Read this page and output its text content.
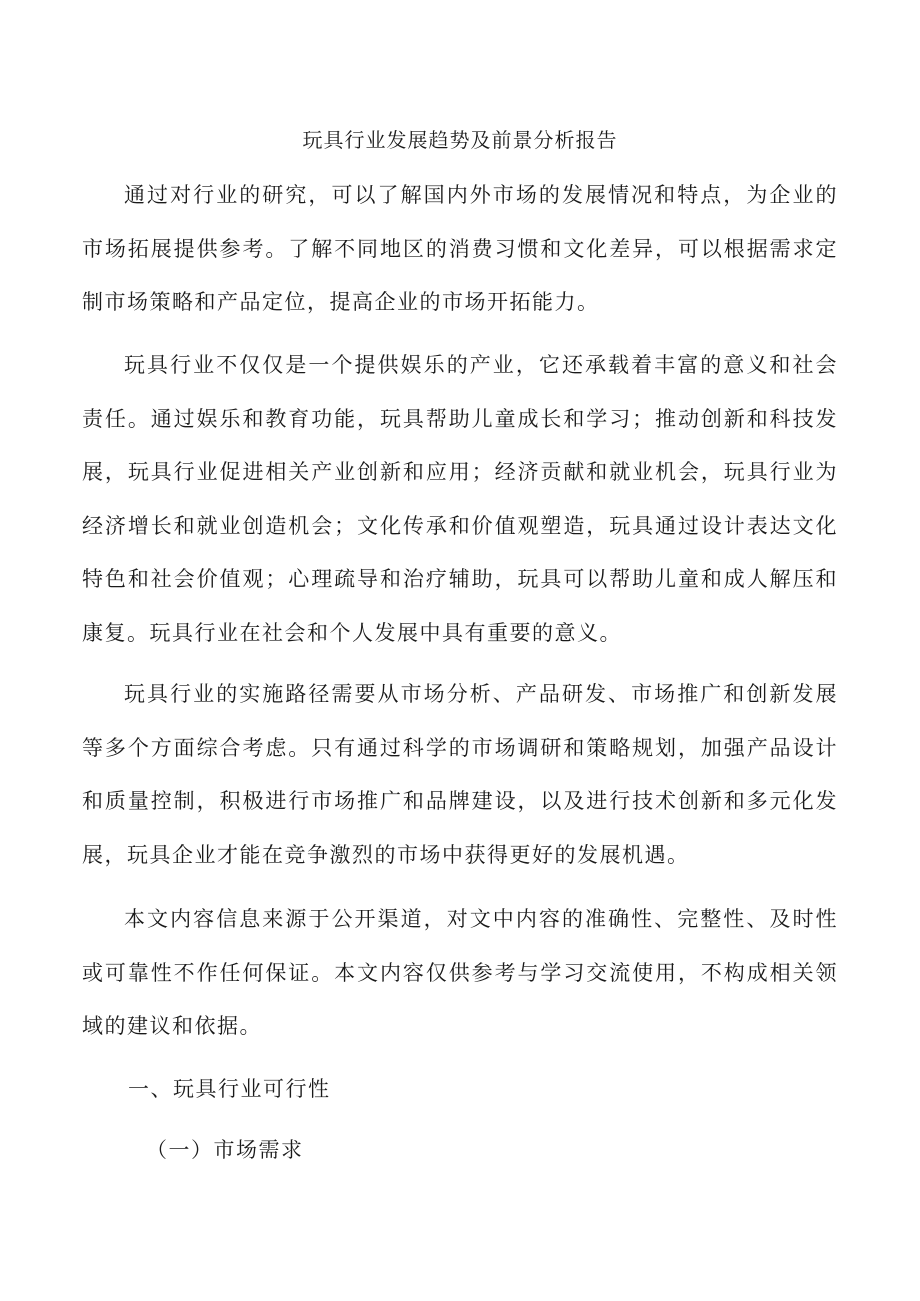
玩具行业发展趋势及前景分析报告

通过对行业的研究，可以了解国内外市场的发展情况和特点，为企业的市场拓展提供参考。了解不同地区的消费习惯和文化差异，可以根据需求定制市场策略和产品定位，提高企业的市场开拓能力。

玩具行业不仅仅是一个提供娱乐的产业，它还承载着丰富的意义和社会责任。通过娱乐和教育功能，玩具帮助儿童成长和学习；推动创新和科技发展，玩具行业促进相关产业创新和应用；经济贡献和就业机会，玩具行业为经济增长和就业创造机会；文化传承和价值观塑造，玩具通过设计表达文化特色和社会价值观；心理疏导和治疗辅助，玩具可以帮助儿童和成人解压和康复。玩具行业在社会和个人发展中具有重要的意义。

玩具行业的实施路径需要从市场分析、产品研发、市场推广和创新发展等多个方面综合考虑。只有通过科学的市场调研和策略规划，加强产品设计和质量控制，积极进行市场推广和品牌建设，以及进行技术创新和多元化发展，玩具企业才能在竞争激烈的市场中获得更好的发展机遇。

本文内容信息来源于公开渠道，对文中内容的准确性、完整性、及时性或可靠性不作任何保证。本文内容仅供参考与学习交流使用，不构成相关领域的建议和依据。

一、玩具行业可行性
（一）市场需求
